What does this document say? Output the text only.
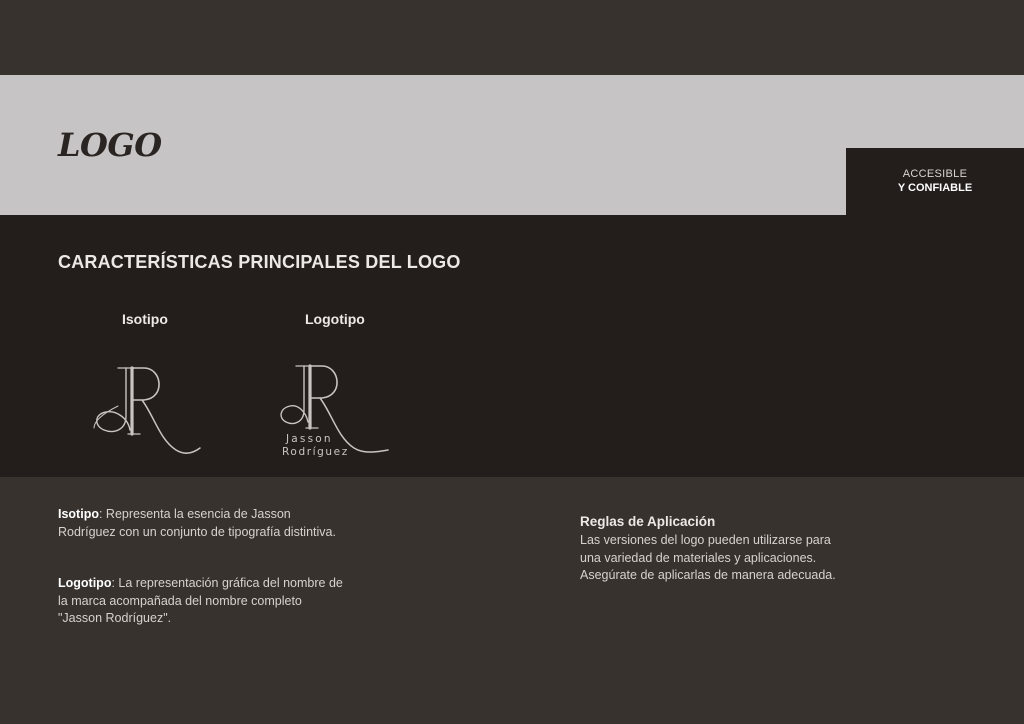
LOGO
ACCESIBLE
Y CONFIABLE
CARACTERÍSTICAS PRINCIPALES DEL LOGO
Isotipo	Logotipo
Jasson
Rodríguez

Isotipo: Representa la esencia de Jasson Rodríguez con un conjunto de tipografía distintiva.

Logotipo: La representación gráfica del nombre de la marca acompañada del nombre completo "Jasson Rodríguez".

Reglas de Aplicación

Las versiones del logo pueden utilizarse para una variedad de materiales y aplicaciones. Asegúrate de aplicarlas de manera adecuada.
